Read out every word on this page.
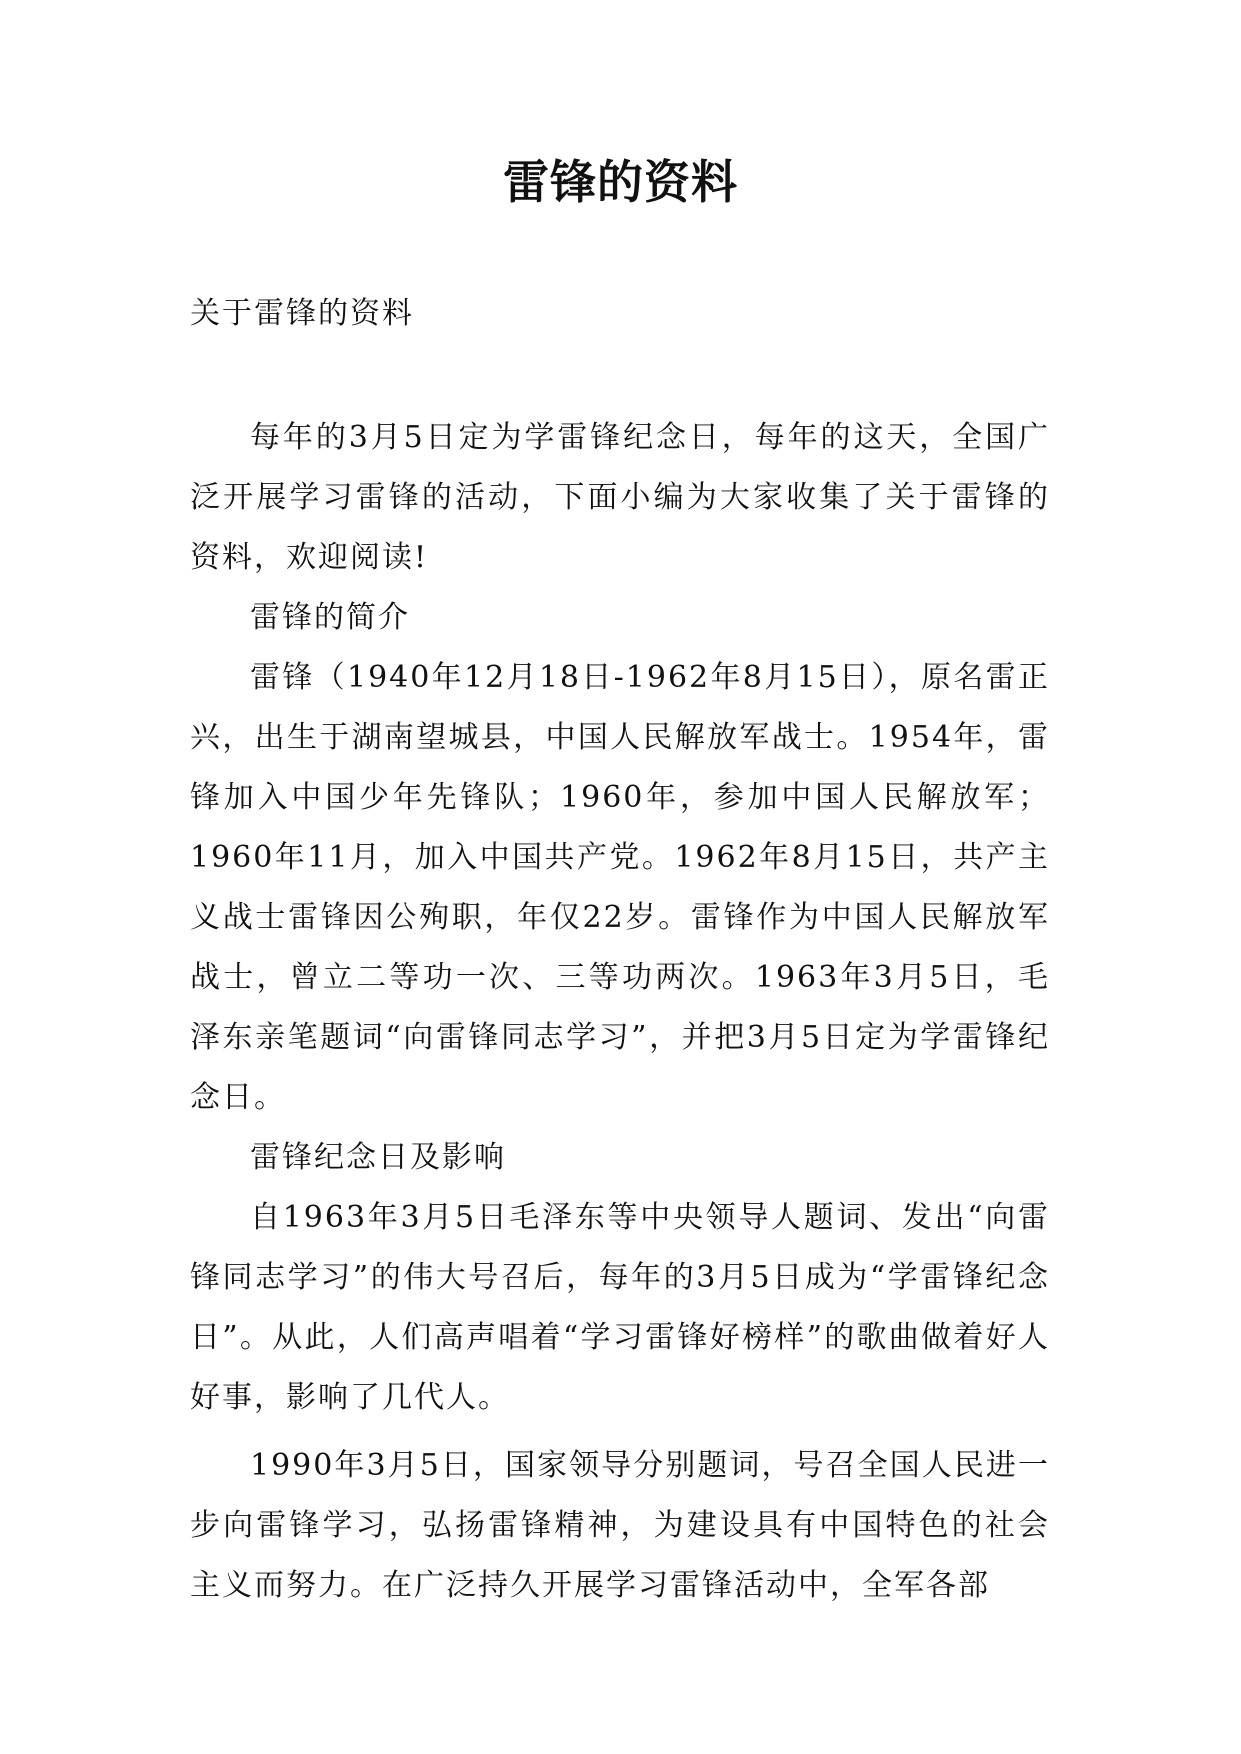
雷锋的资料
关于雷锋的资料

每年的3月5日定为学雷锋纪念日，每年的这天，全国广泛开展学习雷锋的活动，下面小编为大家收集了关于雷锋的资料，欢迎阅读!

雷锋的简介

雷锋（1940年12月18日-1962年8月15日），原名雷正兴，出生于湖南望城县，中国人民解放军战士。1954年，雷锋加入中国少年先锋队；1960年，参加中国人民解放军；1960年11月，加入中国共产党。1962年8月15日，共产主义战士雷锋因公殉职，年仅22岁。雷锋作为中国人民解放军战士，曾立二等功一次、三等功两次。1963年3月5日，毛泽东亲笔题词“向雷锋同志学习”，并把3月5日定为学雷锋纪念日。

雷锋纪念日及影响

自1963年3月5日毛泽东等中央领导人题词、发出“向雷锋同志学习”的伟大号召后，每年的3月5日成为“学雷锋纪念日”。从此，人们高声唱着“学习雷锋好榜样”的歌曲做着好人好事，影响了几代人。

1990年3月5日，国家领导分别题词，号召全国人民进一步向雷锋学习，弘扬雷锋精神，为建设具有中国特色的社会主义而努力。在广泛持久开展学习雷锋活动中，全军各部
